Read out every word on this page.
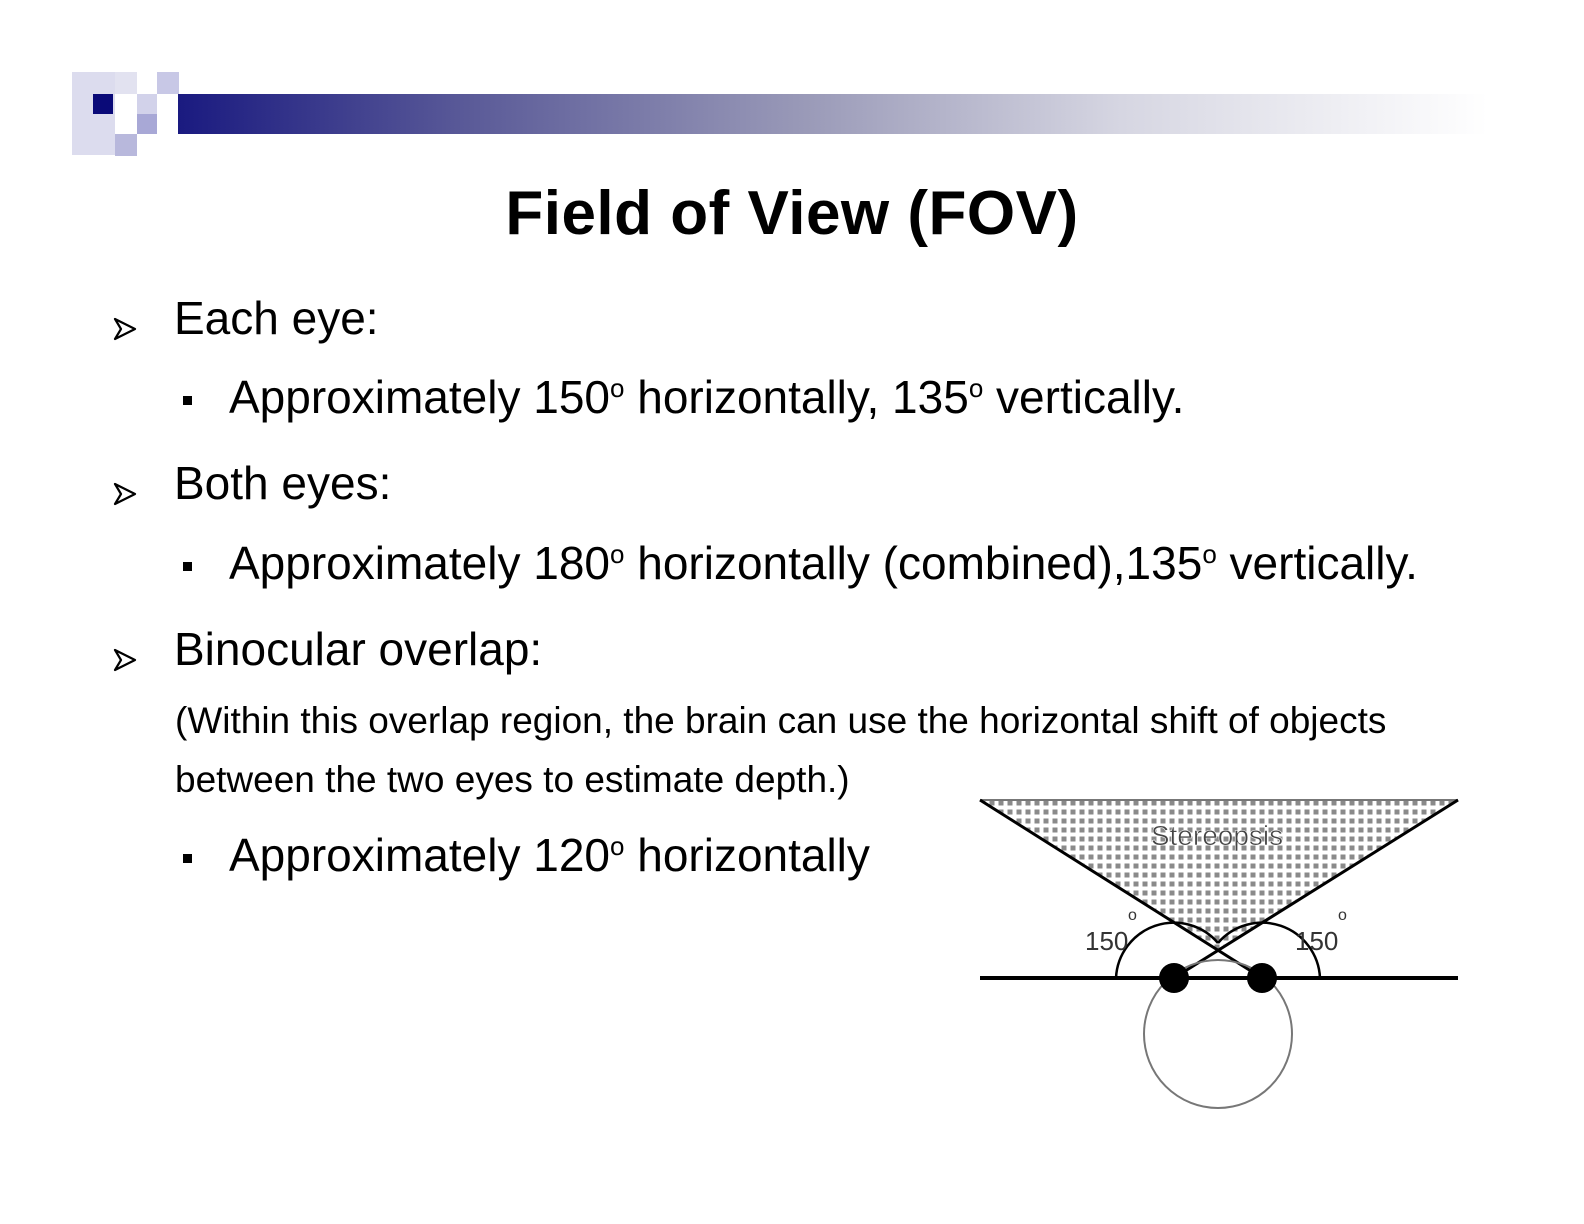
Field of View (FOV)
Each eye:
Approximately 150$^o$ horizontally, 135$^o$ vertically.
Both eyes:
Approximately 180$^o$ horizontally (combined),135$^o$ vertically.
Binocular overlap:
(Within this overlap region, the brain can use the horizontal shift of objects
between the two eyes to estimate depth.)
Approximately 120$^o$ horizontally	Stereopsis
150
o
150
o
